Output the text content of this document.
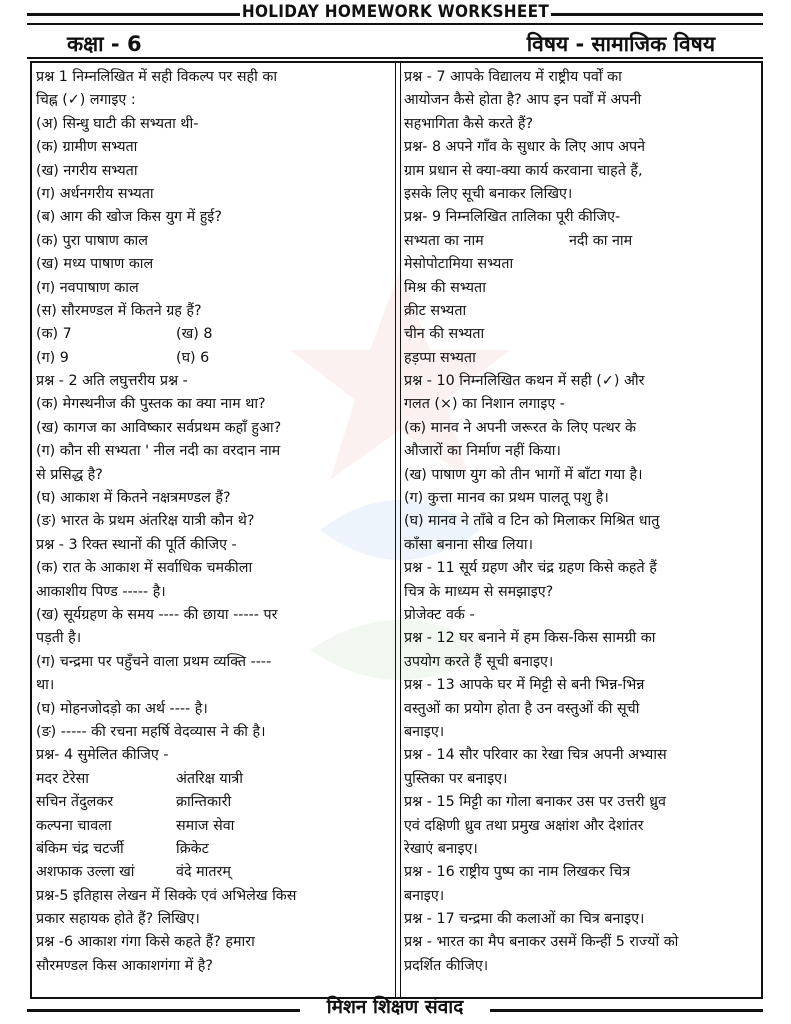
HOLIDAY HOMEWORK WORKSHEET
कक्षा - 6	विषय - सामाजिक विषय
प्रश्न 1 निम्नलिखित में सही विकल्प पर सही का
चिह्न (✓) लगाइए :
(अ) सिन्धु घाटी की सभ्यता थी-
(क) ग्रामीण सभ्यता
(ख) नगरीय सभ्यता
(ग) अर्धनगरीय सभ्यता
(ब) आग की खोज किस युग में हुई?
(क) पुरा पाषाण काल
(ख) मध्य पाषाण काल
(ग) नवपाषाण काल
(स) सौरमण्डल में कितने ग्रह हैं?
(क) 7	(ख) 8
(ग) 9	(घ) 6
प्रश्न - 2 अति लघुत्तरीय प्रश्न -
(क) मेगस्थनीज की पुस्तक का क्या नाम था?
(ख) कागज का आविष्कार सर्वप्रथम कहाँ हुआ?
(ग) कौन सी सभ्यता ' नील नदी का वरदान नाम
से प्रसिद्ध है?
(घ) आकाश में कितने नक्षत्रमण्डल हैं?
(ङ) भारत के प्रथम अंतरिक्ष यात्री कौन थे?
प्रश्न - 3 रिक्त स्थानों की पूर्ति कीजिए -
(क) रात के आकाश में सर्वाधिक चमकीला
आकाशीय पिण्ड ----- है।
(ख) सूर्यग्रहण के समय ---- की छाया ----- पर
पड़ती है।
(ग) चन्द्रमा पर पहुँचने वाला प्रथम व्यक्ति ----
था।
(घ) मोहनजोदड़ो का अर्थ ---- है।
(ङ) ----- की रचना महर्षि वेदव्यास ने की है।
प्रश्न- 4 सुमेलित कीजिए -
मदर टेरेसा	अंतरिक्ष यात्री
सचिन तेंदुलकर	क्रान्तिकारी
कल्पना चावला	समाज सेवा
बंकिम चंद्र चटर्जी	क्रिकेट
अशफाक उल्ला खां	वंदे मातरम्
प्रश्न-5 इतिहास लेखन में सिक्के एवं अभिलेख किस
प्रकार सहायक होते हैं? लिखिए।
प्रश्न -6 आकाश गंगा किसे कहते हैं? हमारा
सौरमण्डल किस आकाशगंगा में है?
प्रश्न - 7 आपके विद्यालय में राष्ट्रीय पर्वों का
आयोजन कैसे होता है? आप इन पर्वों में अपनी
सहभागिता कैसे करते हैं?
प्रश्न- 8 अपने गाँव के सुधार के लिए आप अपने
ग्राम प्रधान से क्या-क्या कार्य करवाना चाहते हैं,
इसके लिए सूची बनाकर लिखिए।
प्रश्न- 9 निम्नलिखित तालिका पूरी कीजिए-
सभ्यता का नाम	नदी का नाम
मेसोपोटामिया सभ्यता
मिश्र की सभ्यता
क्रीट सभ्यता
चीन की सभ्यता
हड़प्पा सभ्यता
प्रश्न - 10 निम्नलिखित कथन में सही (✓) और
गलत (×) का निशान लगाइए -
(क) मानव ने अपनी जरूरत के लिए पत्थर के
औजारों का निर्माण नहीं किया।
(ख) पाषाण युग को तीन भागों में बाँटा गया है।
(ग) कुत्ता मानव का प्रथम पालतू पशु है।
(घ) मानव ने ताँबे व टिन को मिलाकर मिश्रित धातु
काँसा बनाना सीख लिया।
प्रश्न - 11 सूर्य ग्रहण और चंद्र ग्रहण किसे कहते हैं
चित्र के माध्यम से समझाइए?
प्रोजेक्ट वर्क -
प्रश्न - 12 घर बनाने में हम किस-किस सामग्री का
उपयोग करते हैं सूची बनाइए।
प्रश्न - 13 आपके घर में मिट्टी से बनी भिन्न-भिन्न
वस्तुओं का प्रयोग होता है उन वस्तुओं की सूची
बनाइए।
प्रश्न - 14 सौर परिवार का रेखा चित्र अपनी अभ्यास
पुस्तिका पर बनाइए।
प्रश्न - 15 मिट्टी का गोला बनाकर उस पर उत्तरी ध्रुव
एवं दक्षिणी ध्रुव तथा प्रमुख अक्षांश और देशांतर
रेखाएं बनाइए।
प्रश्न - 16 राष्ट्रीय पुष्प का नाम लिखकर चित्र
बनाइए।
प्रश्न - 17 चन्द्रमा की कलाओं का चित्र बनाइए।
प्रश्न - भारत का मैप बनाकर उसमें किन्हीं 5 राज्यों को
प्रदर्शित कीजिए।
मिशन शिक्षण संवाद
